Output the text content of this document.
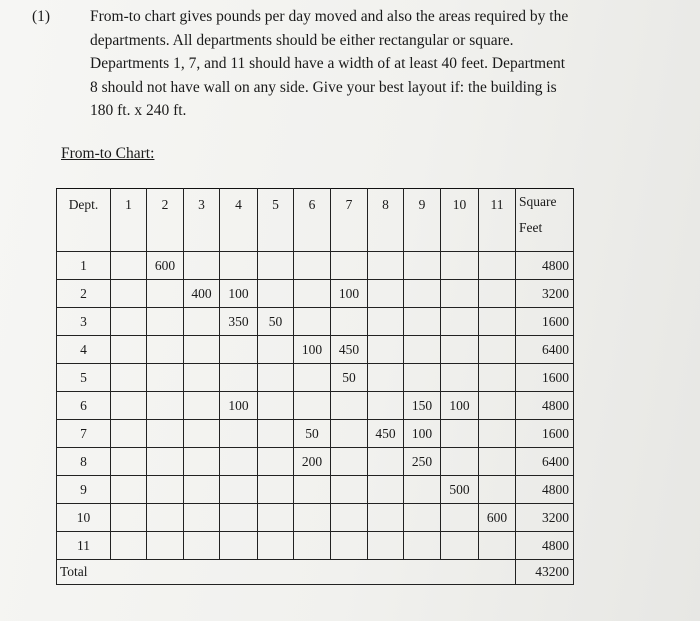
(1)	From-to chart gives pounds per day moved and also the areas required by the
departments. All departments should be either rectangular or square.
Departments 1, 7, and 11 should have a width of at least 40 feet. Department
8 should not have wall on any side. Give your best layout if: the building is
180 ft. x 240 ft.
From-to Chart:
Dept.	1	2	3	4	5	6	7	8	9	10	11	Square
Feet

1		600										4800
2			400	100			100					3200
3				350	50							1600
4						100	450					6400
5							50					1600
6				100					150	100		4800
7						50		450	100			1600
8						200			250			6400
9										500		4800
10											600	3200
11												4800
Total												43200
